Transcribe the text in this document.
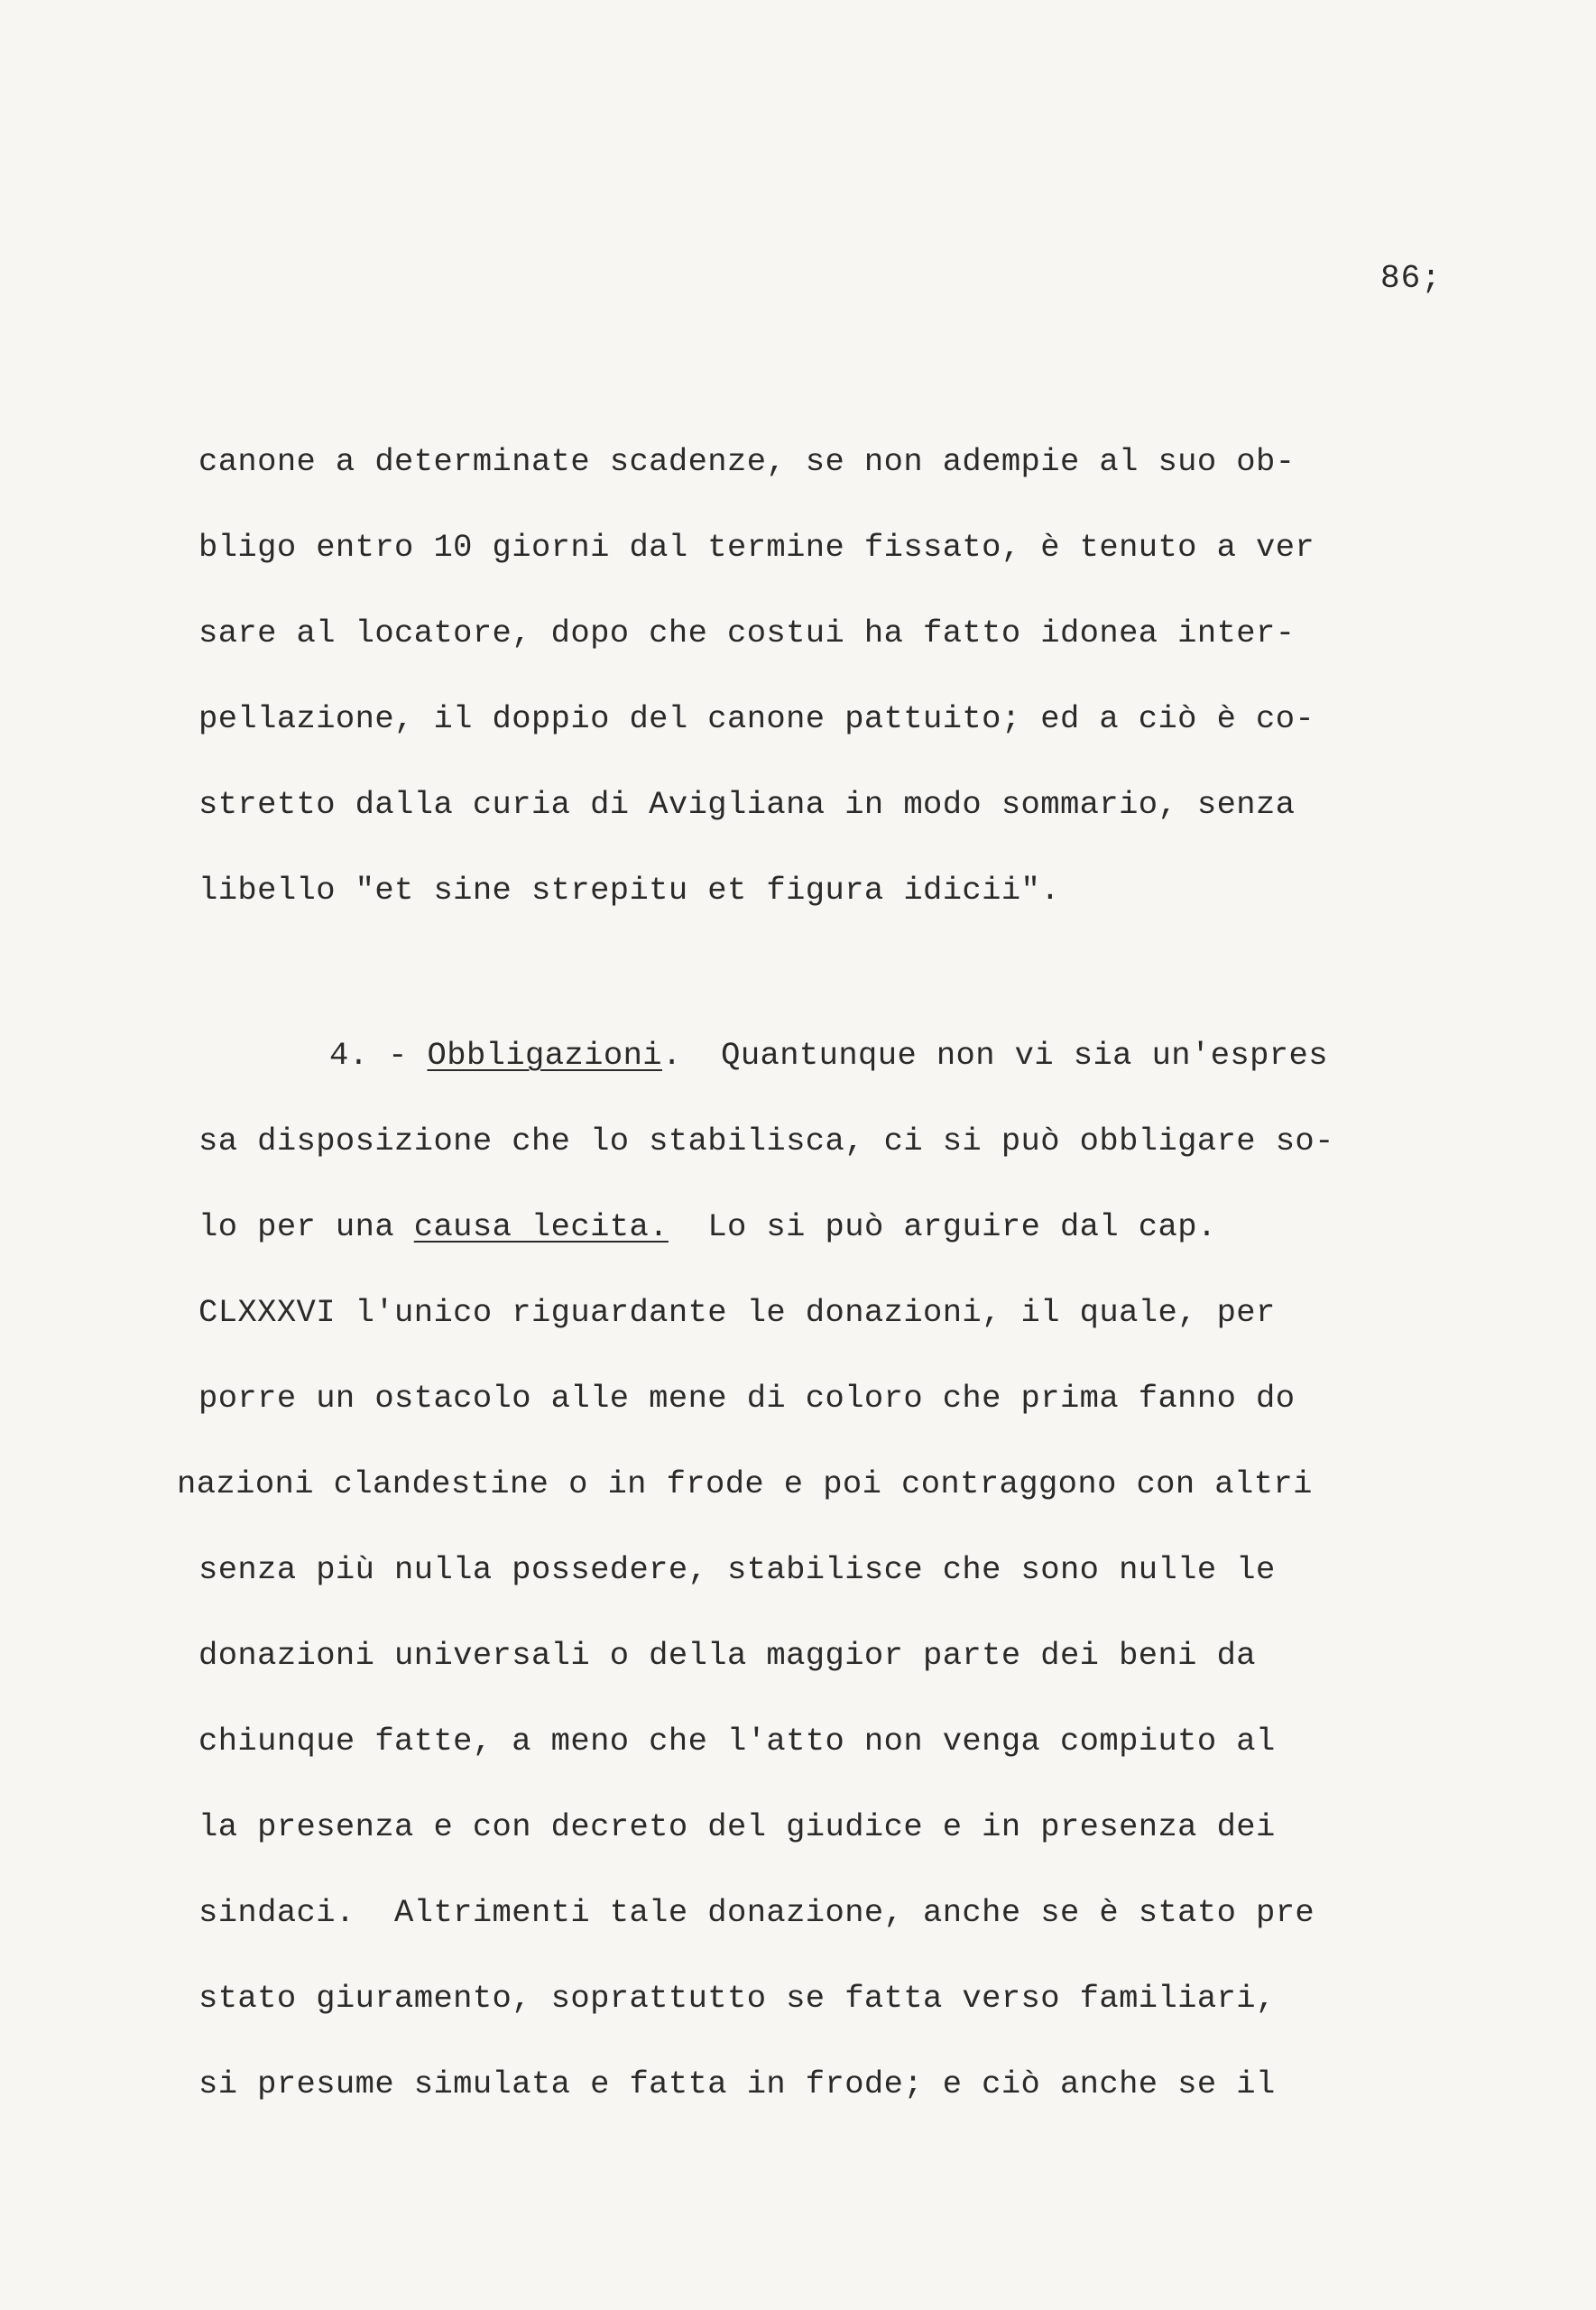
86;
canone a determinate scadenze, se non adempie al suo ob-
bligo entro 10 giorni dal termine fissato, è tenuto a ver
sare al locatore, dopo che costui ha fatto idonea inter-
pellazione, il doppio del canone pattuito; ed a ciò è co-
stretto dalla curia di Avigliana in modo sommario, senza
libello "et sine strepitu et figura idicii".
4. - Obbligazioni.  Quantunque non vi sia un'espres
sa disposizione che lo stabilisca, ci si può obbligare so-
lo per una causa lecita.  Lo si può arguire dal cap.
CLXXXVI l'unico riguardante le donazioni, il quale, per
porre un ostacolo alle mene di coloro che prima fanno do
nazioni clandestine o in frode e poi contraggono con altri
senza più nulla possedere, stabilisce che sono nulle le
donazioni universali o della maggior parte dei beni da
chiunque fatte, a meno che l'atto non venga compiuto al
la presenza e con decreto del giudice e in presenza dei
sindaci.  Altrimenti tale donazione, anche se è stato pre
stato giuramento, soprattutto se fatta verso familiari,
si presume simulata e fatta in frode; e ciò anche se il
